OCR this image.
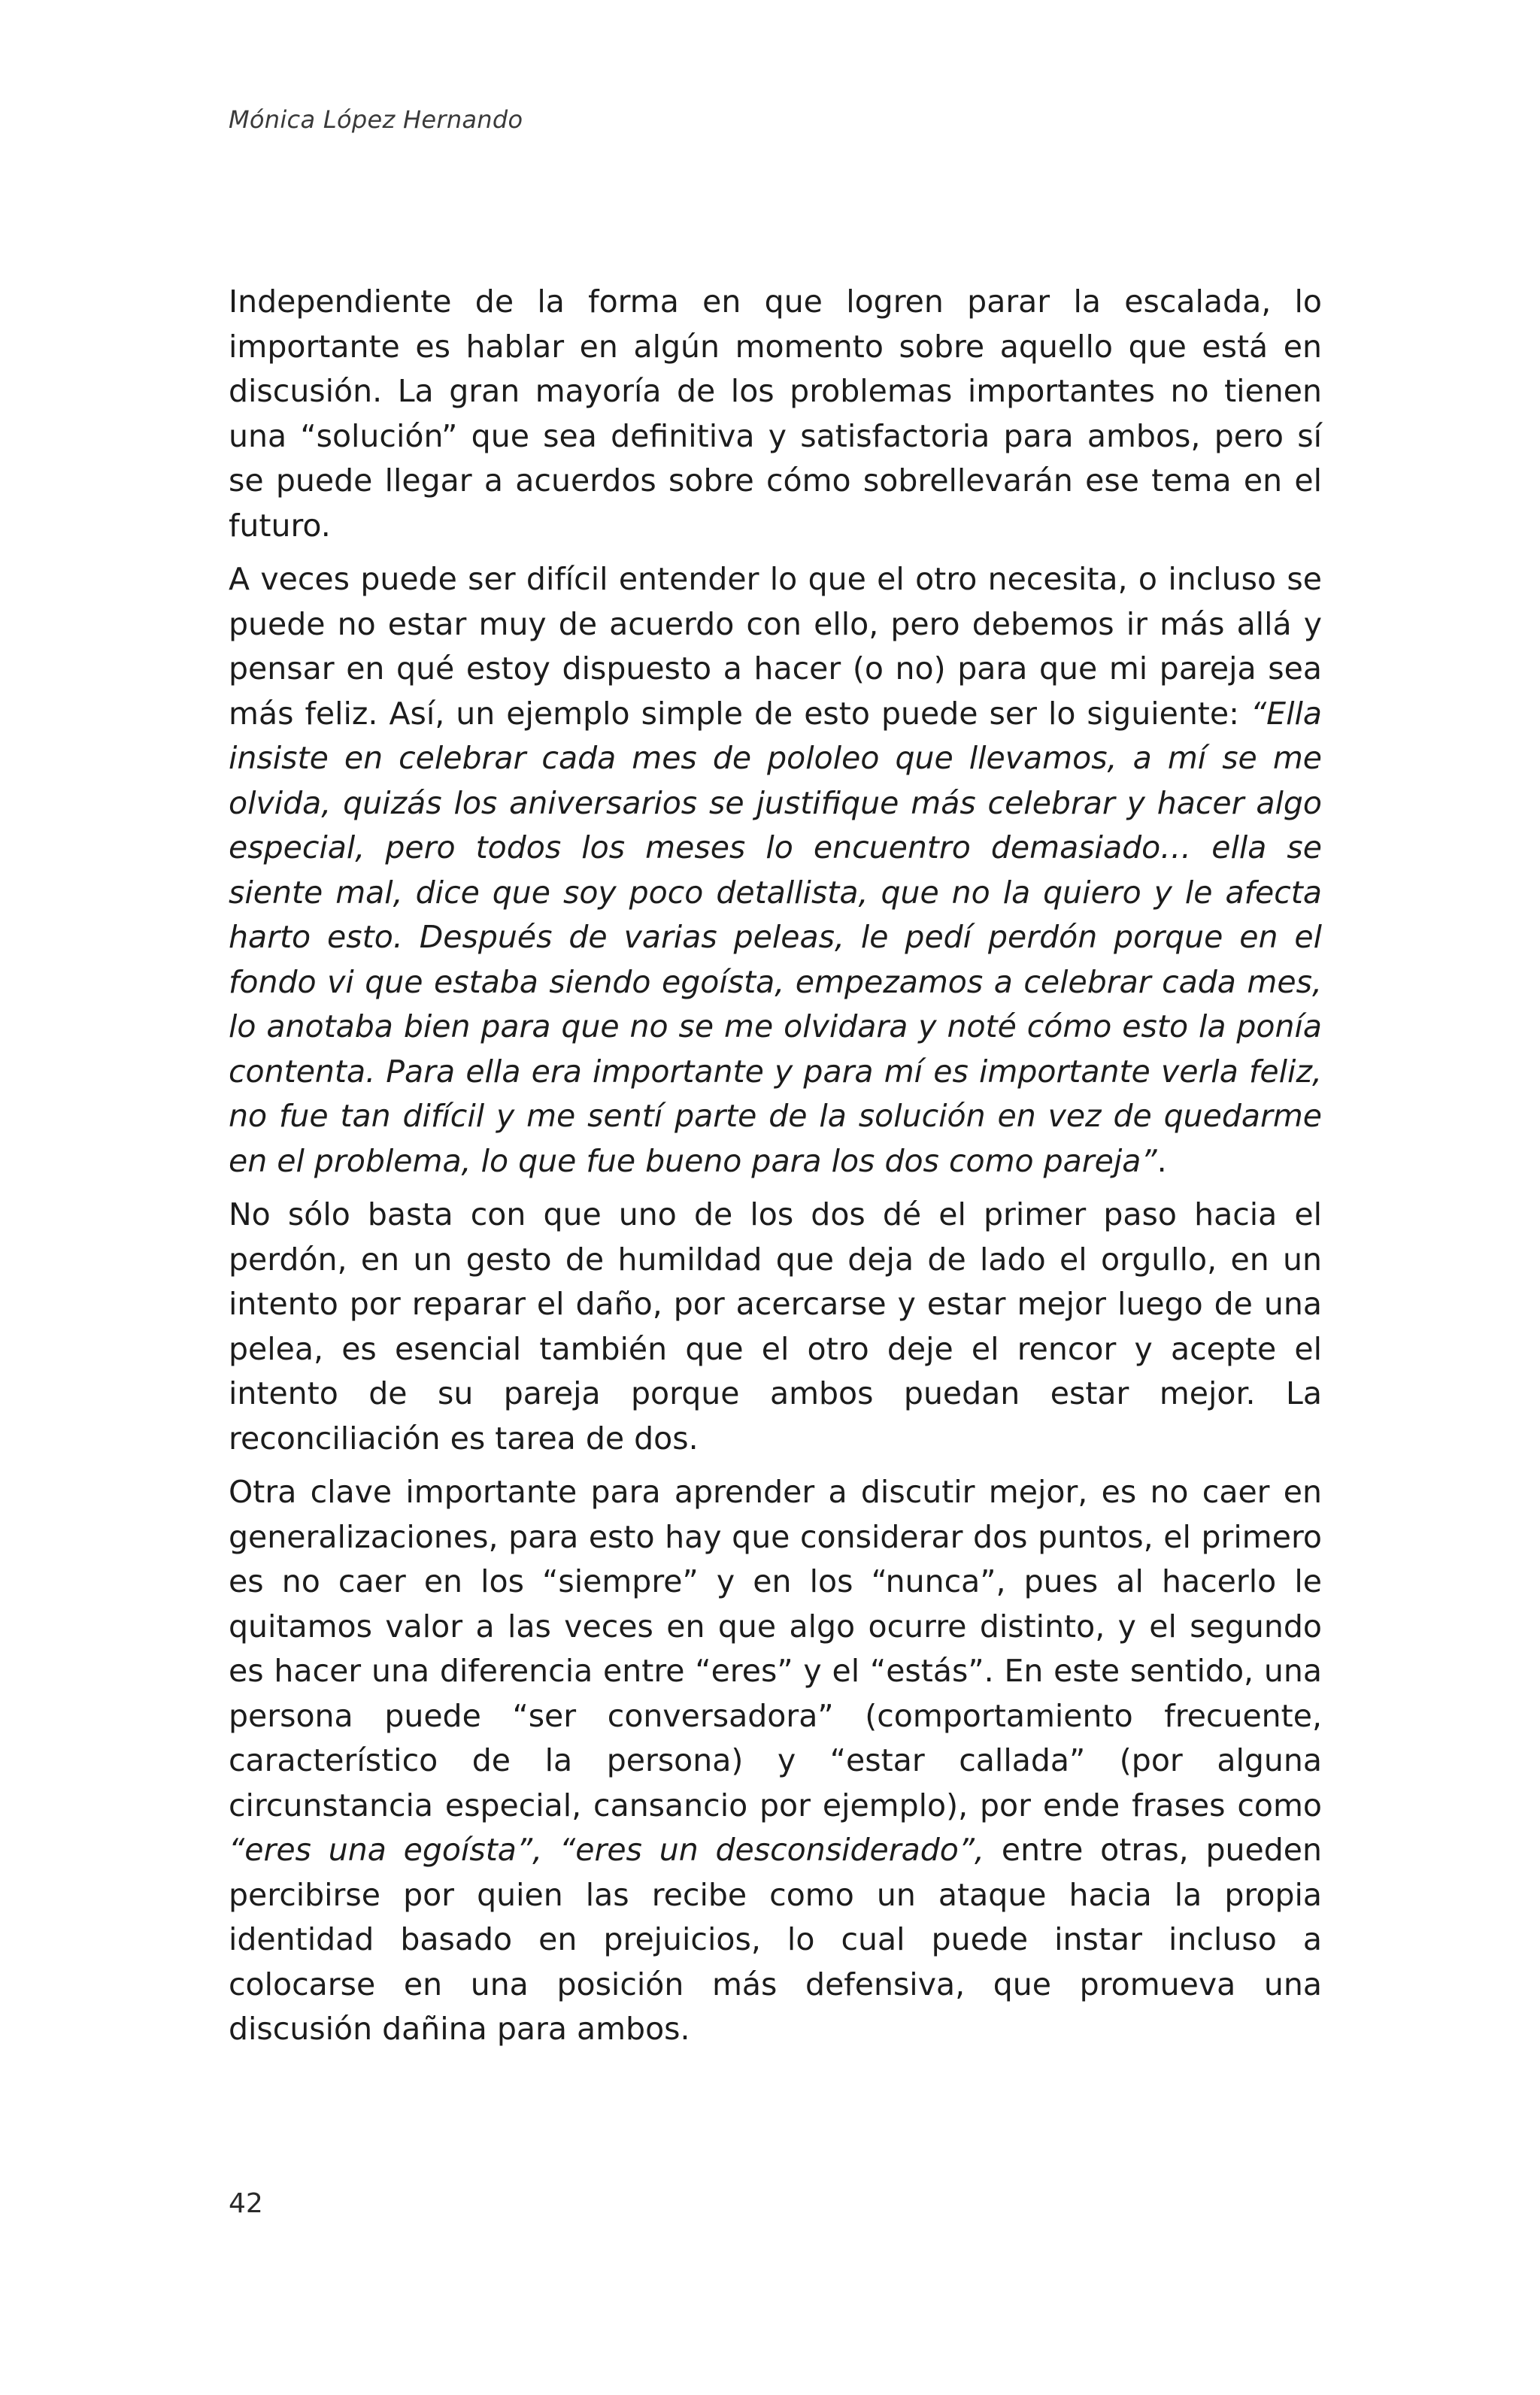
Mónica López Hernando

Independiente de la forma en que logren parar la escalada, lo importante es hablar en algún momento sobre aquello que está en discusión. La gran mayoría de los problemas importantes no tienen una “solución” que sea definitiva y satisfactoria para ambos, pero sí se puede llegar a acuerdos sobre cómo sobrellevarán ese tema en el futuro.

A veces puede ser difícil entender lo que el otro necesita, o incluso se puede no estar muy de acuerdo con ello, pero debemos ir más allá y pensar en qué estoy dispuesto a hacer (o no) para que mi pareja sea más feliz. Así, un ejemplo simple de esto puede ser lo siguiente: “Ella insiste en celebrar cada mes de pololeo que llevamos, a mí se me olvida, quizás los aniversarios se justifique más celebrar y hacer algo especial, pero todos los meses lo encuentro demasiado… ella se siente mal, dice que soy poco detallista, que no la quiero y le afecta harto esto. Después de varias peleas, le pedí perdón porque en el fondo vi que estaba siendo egoísta, empezamos a celebrar cada mes, lo anotaba bien para que no se me olvidara y noté cómo esto la ponía contenta. Para ella era importante y para mí es importante verla feliz, no fue tan difícil y me sentí parte de la solución en vez de quedarme en el problema, lo que fue bueno para los dos como pareja”.

No sólo basta con que uno de los dos dé el primer paso hacia el perdón, en un gesto de humildad que deja de lado el orgullo, en un intento por reparar el daño, por acercarse y estar mejor luego de una pelea, es esencial también que el otro deje el rencor y acepte el intento de su pareja porque ambos puedan estar mejor. La reconciliación es tarea de dos.

Otra clave importante para aprender a discutir mejor, es no caer en generalizaciones, para esto hay que considerar dos puntos, el primero es no caer en los “siempre” y en los “nunca”, pues al hacerlo le quitamos valor a las veces en que algo ocurre distinto, y el segundo es hacer una diferencia entre “eres” y el “estás”. En este sentido, una persona puede “ser conversadora” (comportamiento frecuente, característico de la persona) y “estar callada” (por alguna circunstancia especial, cansancio por ejemplo), por ende frases como “eres una egoísta”, “eres un desconsiderado”, entre otras, pueden percibirse por quien las recibe como un ataque hacia la propia identidad basado en prejuicios, lo cual puede instar incluso a colocarse en una posición más defensiva, que promueva una discusión dañina para ambos.

42
